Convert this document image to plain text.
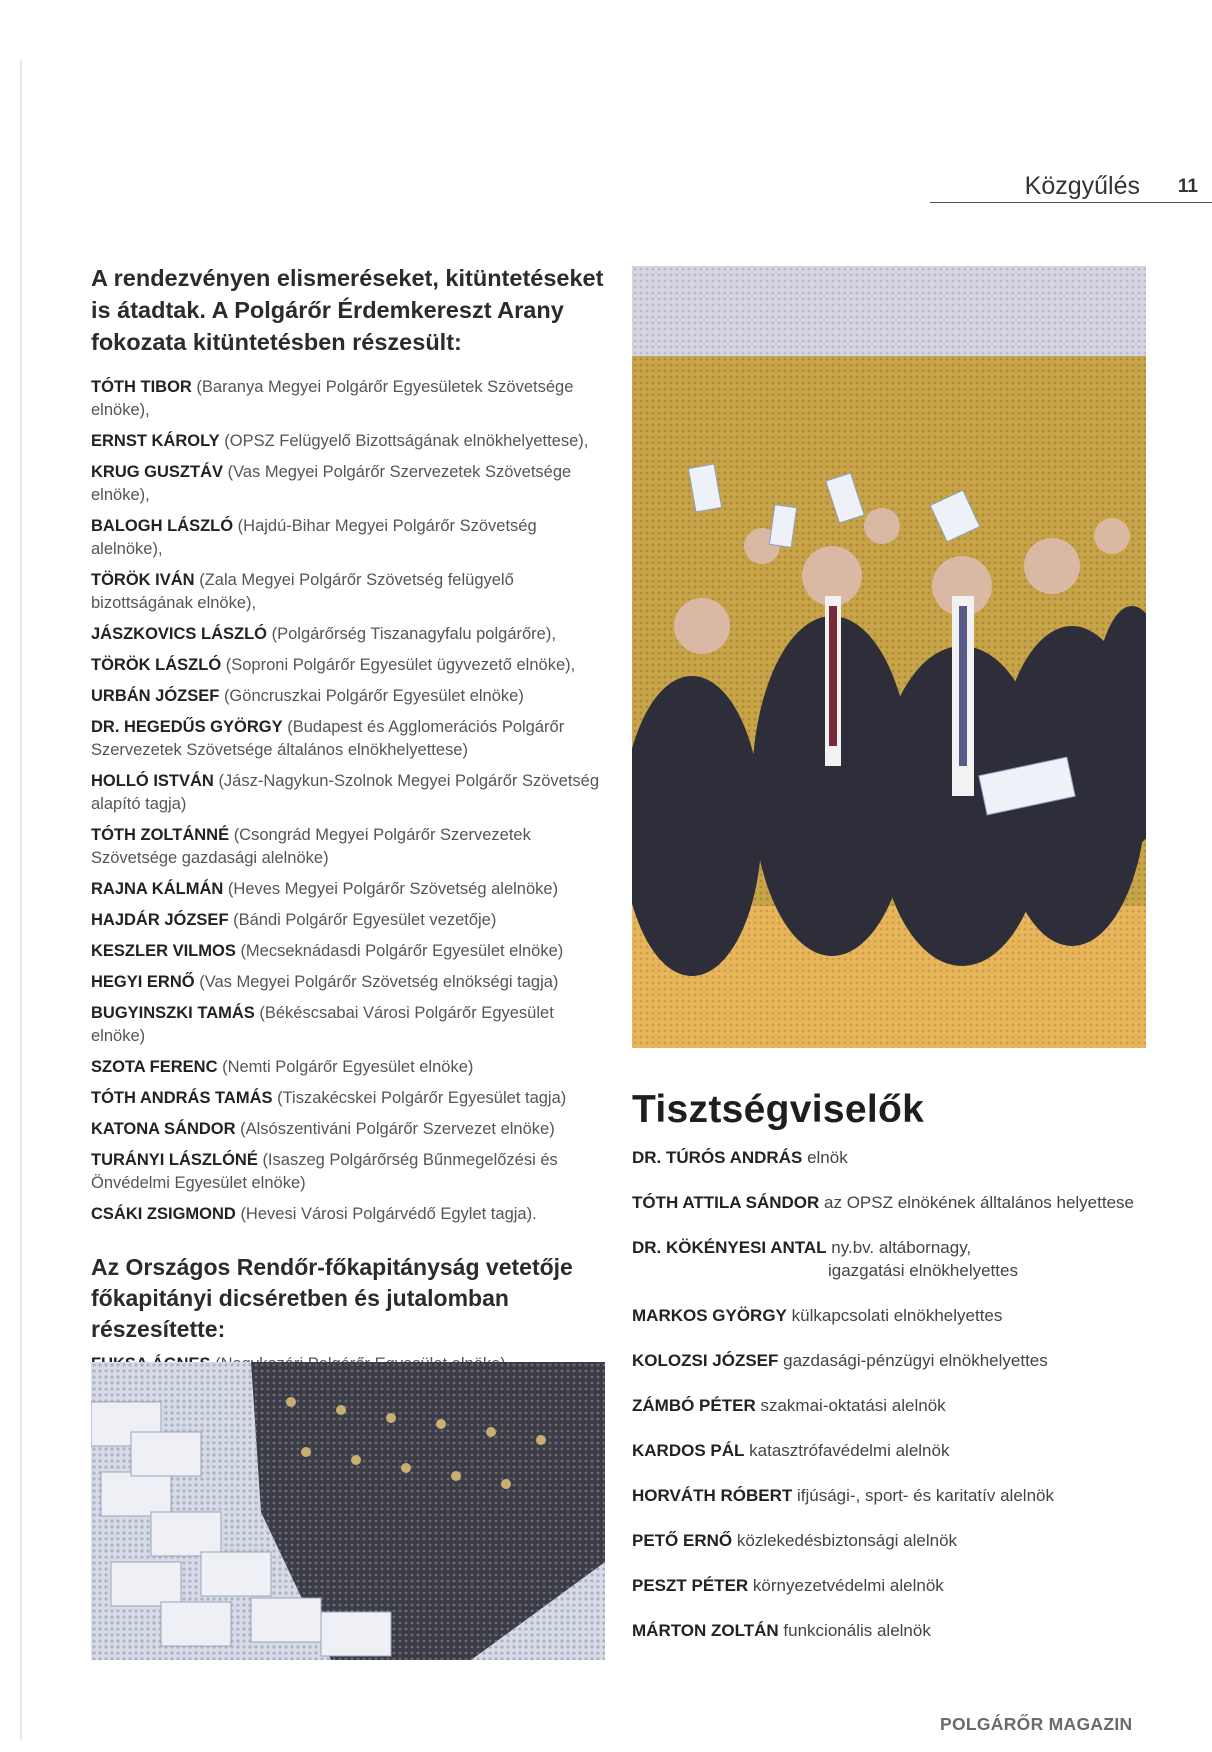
Közgyűlés 11

A rendezvényen elismeréseket, kitüntetéseket is átadtak. A Polgárőr Érdemkereszt Arany fokozata kitüntetésben részesült:

TÓTH TIBOR (Baranya Megyei Polgárőr Egyesületek Szövetsége elnöke),

ERNST KÁROLY (OPSZ Felügyelő Bizottságának elnökhelyettese),

KRUG GUSZTÁV (Vas Megyei Polgárőr Szervezetek Szövetsége elnöke),

BALOGH LÁSZLÓ (Hajdú-Bihar Megyei Polgárőr Szövetség alelnöke),

TÖRÖK IVÁN (Zala Megyei Polgárőr Szövetség felügyelő bizottságának elnöke),

JÁSZKOVICS LÁSZLÓ (Polgárőrség Tiszanagyfalu polgárőre),

TÖRÖK LÁSZLÓ (Soproni Polgárőr Egyesület ügyvezető elnöke),

URBÁN JÓZSEF (Göncruszkai Polgárőr Egyesület elnöke)

DR. HEGEDŰS GYÖRGY (Budapest és Agglomerációs Polgárőr Szervezetek Szövetsége általános elnökhelyettese)

HOLLÓ ISTVÁN (Jász-Nagykun-Szolnok Megyei Polgárőr Szövetség alapító tagja)

TÓTH ZOLTÁNNÉ (Csongrád Megyei Polgárőr Szervezetek Szövetsége gazdasági alelnöke)

RAJNA KÁLMÁN (Heves Megyei Polgárőr Szövetség alelnöke)

HAJDÁR JÓZSEF (Bándi Polgárőr Egyesület vezetője)

KESZLER VILMOS (Mecseknádasdi Polgárőr Egyesület elnöke)

HEGYI ERNŐ (Vas Megyei Polgárőr Szövetség elnökségi tagja)

BUGYINSZKI TAMÁS (Békéscsabai Városi Polgárőr Egyesület elnöke)

SZOTA FERENC (Nemti Polgárőr Egyesület elnöke)

TÓTH ANDRÁS TAMÁS (Tiszakécskei Polgárőr Egyesület tagja)

KATONA SÁNDOR (Alsószentiváni Polgárőr Szervezet elnöke)

TURÁNYI LÁSZLÓNÉ (Isaszeg Polgárőrség Bűnmegelőzési és Önvédelmi Egyesület elnöke)

CSÁKI ZSIGMOND (Hevesi Városi Polgárvédő Egylet tagja).

Az Országos Rendőr-főkapitányság vetetője főkapitányi dicséretben és jutalomban részesítette:

Tisztségviselők

DR. TÚRÓS ANDRÁS elnök

TÓTH ATTILA SÁNDOR az OPSZ elnökének álltalános helyettese

DR. KÖKÉNYESI ANTAL ny.bv. altábornagy,
igazgatási elnökhelyettes

MARKOS GYÖRGY külkapcsolati elnökhelyettes

KOLOZSI JÓZSEF gazdasági-pénzügyi elnökhelyettes

ZÁMBÓ PÉTER szakmai-oktatási alelnök

KARDOS PÁL katasztrófavédelmi alelnök

HORVÁTH RÓBERT ifjúsági-, sport- és karitatív alelnök

PETŐ ERNŐ közlekedésbiztonsági alelnök

PESZT PÉTER környezetvédelmi alelnök

MÁRTON ZOLTÁN funkcionális alelnök

POLGÁRŐR MAGAZIN
